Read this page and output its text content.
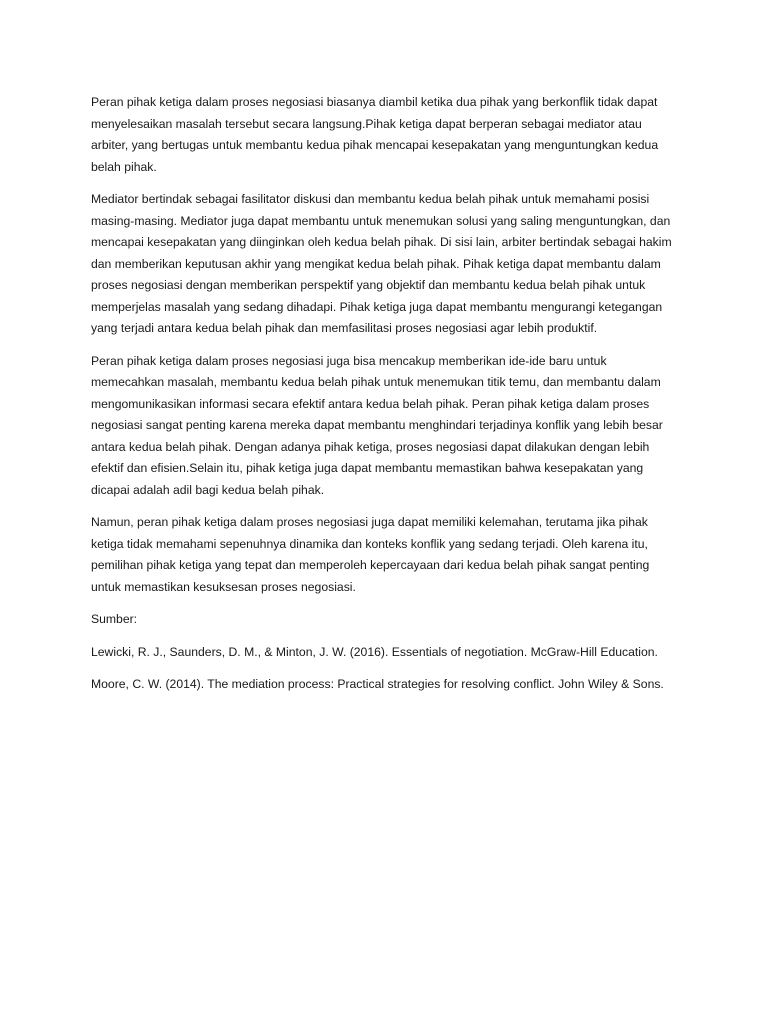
Peran pihak ketiga dalam proses negosiasi biasanya diambil ketika dua pihak yang berkonflik tidak dapat menyelesaikan masalah tersebut secara langsung.Pihak ketiga dapat berperan sebagai mediator atau arbiter, yang bertugas untuk membantu kedua pihak mencapai kesepakatan yang menguntungkan kedua belah pihak.

Mediator bertindak sebagai fasilitator diskusi dan membantu kedua belah pihak untuk memahami posisi masing-masing. Mediator juga dapat membantu untuk menemukan solusi yang saling menguntungkan, dan mencapai kesepakatan yang diinginkan oleh kedua belah pihak. Di sisi lain, arbiter bertindak sebagai hakim dan memberikan keputusan akhir yang mengikat kedua belah pihak. Pihak ketiga dapat membantu dalam proses negosiasi dengan memberikan perspektif yang objektif dan membantu kedua belah pihak untuk memperjelas masalah yang sedang dihadapi. Pihak ketiga juga dapat membantu mengurangi ketegangan yang terjadi antara kedua belah pihak dan memfasilitasi proses negosiasi agar lebih produktif.

Peran pihak ketiga dalam proses negosiasi juga bisa mencakup memberikan ide-ide baru untuk memecahkan masalah, membantu kedua belah pihak untuk menemukan titik temu, dan membantu dalam mengomunikasikan informasi secara efektif antara kedua belah pihak. Peran pihak ketiga dalam proses negosiasi sangat penting karena mereka dapat membantu menghindari terjadinya konflik yang lebih besar antara kedua belah pihak. Dengan adanya pihak ketiga, proses negosiasi dapat dilakukan dengan lebih efektif dan efisien.Selain itu, pihak ketiga juga dapat membantu memastikan bahwa kesepakatan yang dicapai adalah adil bagi kedua belah pihak.

Namun, peran pihak ketiga dalam proses negosiasi juga dapat memiliki kelemahan, terutama jika pihak ketiga tidak memahami sepenuhnya dinamika dan konteks konflik yang sedang terjadi. Oleh karena itu, pemilihan pihak ketiga yang tepat dan memperoleh kepercayaan dari kedua belah pihak sangat penting untuk memastikan kesuksesan proses negosiasi.

Sumber:

Lewicki, R. J., Saunders, D. M., & Minton, J. W. (2016). Essentials of negotiation. McGraw-Hill Education.

Moore, C. W. (2014). The mediation process: Practical strategies for resolving conflict. John Wiley & Sons.
